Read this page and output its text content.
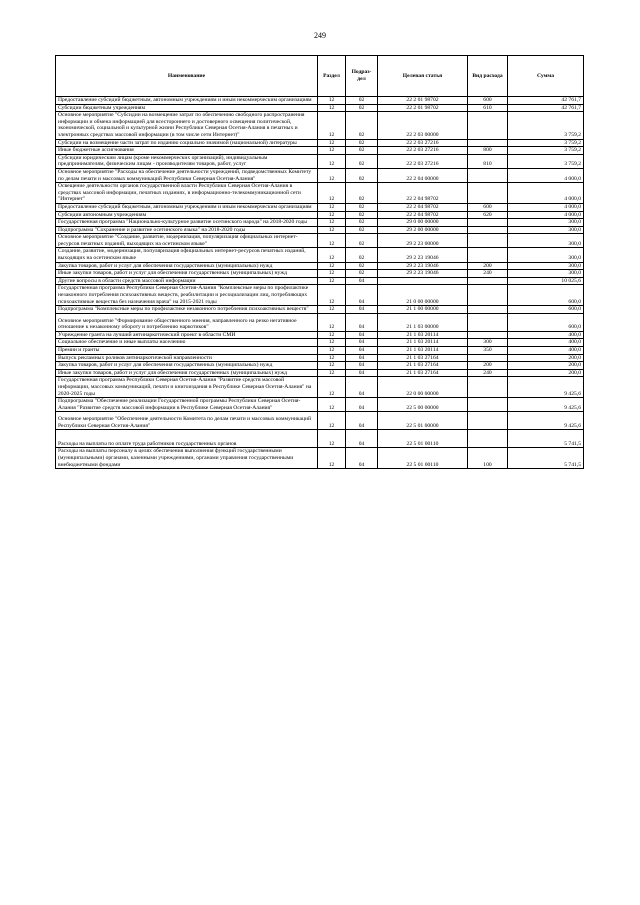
249
Наименование	Раздел	Подраз-дел	Целевая статья	Вид расхода	Сумма
Предоставление субсидий бюджетным, автономным учреждениям и иным некоммерческим организациям	12	02	22 2 01 98702	600	42 761,7
Субсидии бюджетным учреждениям	12	02	22 2 01 98702	610	42 761,7
Основное мероприятие "Субсидии на возмещение затрат по обеспечению свободного распространения информации и обмена информацией для всестороннего и достоверного освещения политической, экономической, социальной и культурной жизни Республики Северная Осетия-Алания в печатных и электронных средствах массовой информации (в том числе сети Интернет)"	12	02	22 2 03 00000		3 759,2
Субсидии на возмещение части затрат по изданию социально значимой (национальной) литературы	12	02	22 2 03 27216		3 759,2
Иные бюджетные ассигнования	12	02	22 2 03 27216	800	3 759,2
Субсидии юридическим лицам (кроме некоммерческих организаций), индивидуальным предпринимателям, физическим лицам - производителям товаров, работ, услуг	12	02	22 2 03 27216	810	3 759,2
Основное мероприятие "Расходы на обеспечение деятельности учреждений, подведомственных Комитету по делам печати и массовых коммуникаций Республики Северная Осетия-Алания"	12	02	22 2 04 00000		4 000,0
Освещение деятельности органов государственной власти Республики Северная Осетия-Алания в средствах массовой информации, печатных изданиях, в информационно-телекоммуникационной сети "Интернет"	12	02	22 2 04 98702		4 000,0
Предоставление субсидий бюджетным, автономным учреждениям и иным некоммерческим организациям	12	02	22 2 04 98702	600	4 000,0
Субсидии автономным учреждениям	12	02	22 2 04 98702	620	4 000,0
Государственная программа "Национально-культурное развитие осетинского народа" на 2018-2020 годы	12	02	29 0 00 00000		300,0
Подпрограмма "Сохранение и развитие осетинского языка" на 2018-2020 годы	12	02	29 2 00 00000		300,0
Основное мероприятие "Создание, развитие, модернизация, популяризация официальных интернет-ресурсов печатных изданий, выходящих на осетинском языке"	12	02	29 2 23 00000		300,0
Создание, развитие, модернизация, популяризация официальных интернет-ресурсов печатных изданий, выходящих на осетинском языке	12	02	29 2 23 19046		300,0
Закупка товаров, работ и услуг для обеспечения государственных (муниципальных) нужд	12	02	29 2 23 19046	200	300,0
Иные закупки товаров, работ и услуг для обеспечения государственных (муниципальных) нужд	12	02	29 2 23 19046	240	300,0
Другие вопросы в области средств массовой информации	12	04			10 025,6
Государственная программа Республики Северная Осетия-Алания "Комплексные меры по профилактике незаконного потребления психоактивных веществ, реабилитации и ресоциализации лиц, потребляющих психоактивные вещества без назначения врача" на 2015-2021 годы	12	04	21 0 00 00000		600,0
Подпрограмма "Комплексные меры по профилактике незаконного потребления психоактивных веществ"	12	04	21 1 00 00000		600,0
Основное мероприятие "Формирование общественного мнения, направленного на резко негативное отношение к незаконному обороту и потреблению наркотиков"	12	04	21 1 03 00000		600,0
Учреждение гранта на лучший антинаркотический проект в области СМИ	12	04	21 1 03 20114		400,0
Социальное обеспечение и иные выплаты населению	12	04	21 1 03 20114	300	400,0
Премии и гранты	12	04	21 1 03 20114	350	400,0
Выпуск рекламных роликов антинаркотической направленности	12	04	21 1 03 27164		200,0
Закупка товаров, работ и услуг для обеспечения государственных (муниципальных) нужд	12	04	21 1 03 27164	200	200,0
Иные закупки товаров, работ и услуг для обеспечения государственных (муниципальных) нужд	12	04	21 1 03 27164	240	200,0
Государственная программа Республики Северная Осетия-Алания "Развитие средств массовой информации, массовых коммуникаций, печати и книгоиздания в Республике Северная Осетия-Алания" на 2020-2025 годы	12	04	22 0 00 00000		9 425,6
Подпрограмма "Обеспечение реализации Государственной программы Республики Северная Осетия-Алания "Развитие средств массовой информации в Республике Северная Осетия-Алания"	12	04	22 5 00 00000		9 425,6
Основное мероприятие "Обеспечение деятельности Комитета по делам печати и массовых коммуникаций Республики Северная Осетия-Алания"	12	04	22 5 01 00000		9 425,6
Расходы на выплаты по оплате труда работников государственных органов	12	04	22 5 01 00110		5 741,5
Расходы на выплаты персоналу в целях обеспечения выполнения функций государственными (муниципальными) органами, казенными учреждениями, органами управления государственными внебюджетными фондами	12	04	22 5 01 00110	100	5 741,5
